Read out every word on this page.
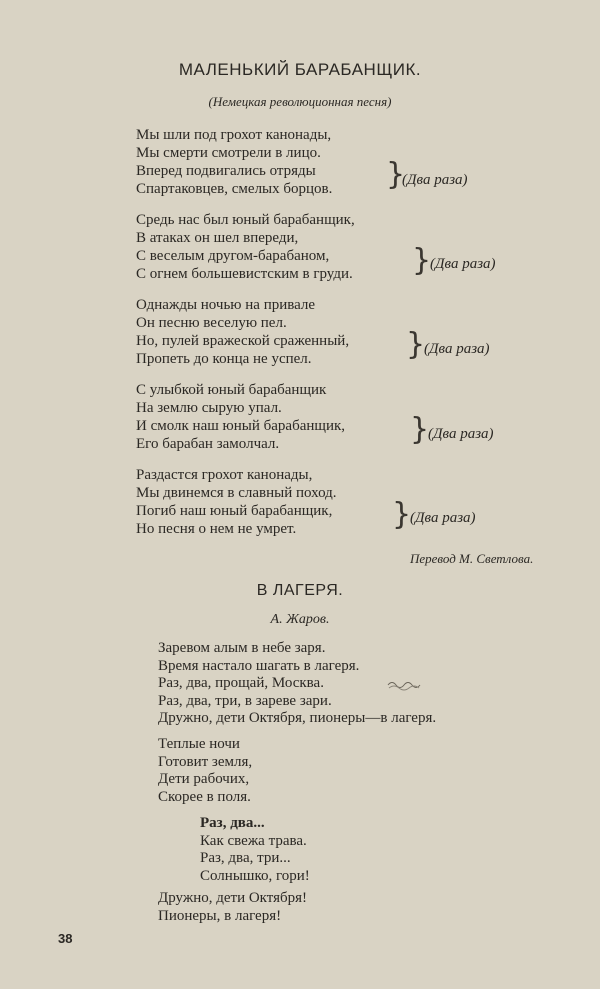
МАЛЕНЬКИЙ БАРАБАНЩИК.
(Немецкая революционная песня)
Мы шли под грохот канонады,
Мы смерти смотрели в лицо.
Вперед подвигались отряды
Спартаковцев, смелых борцов. }
(Два раза)
Средь нас был юный барабанщик,
В атаках он шел впереди,
С веселым другом-барабаном,
С огнем большевистским в груди. }
(Два раза)
Однажды ночью на привале
Он песню веселую пел.
Но, пулей вражеской сраженный,
Пропеть до конца не успел.	}
(Два раза)
С улыбкой юный барабанщик
На землю сырую упал.
И смолк наш юный барабанщик,
Его барабан замолчал.	}
(Два раза)
Раздастся грохот канонады,
Мы двинемся в славный поход.
Погиб наш юный барабанщик,
Но песня о нем не умрет.	}
(Два раза)
Перевод М. Светлова.
В ЛАГЕРЯ.
А. Жаров.
Заревом алым в небе заря.
Время настало шагать в лагеря.
Раз, два, прощай, Москва.
Раз, два, три, в зареве зари.
Дружно, дети Октября, пионеры—в лагеря.
Теплые ночи
Готовит земля,
Дети рабочих,
Скорее в поля.
Раз, два...
Как свежа трава.
Раз, два, три...
Солнышко, гори!
Дружно, дети Октября!
Пионеры, в лагеря!
38
